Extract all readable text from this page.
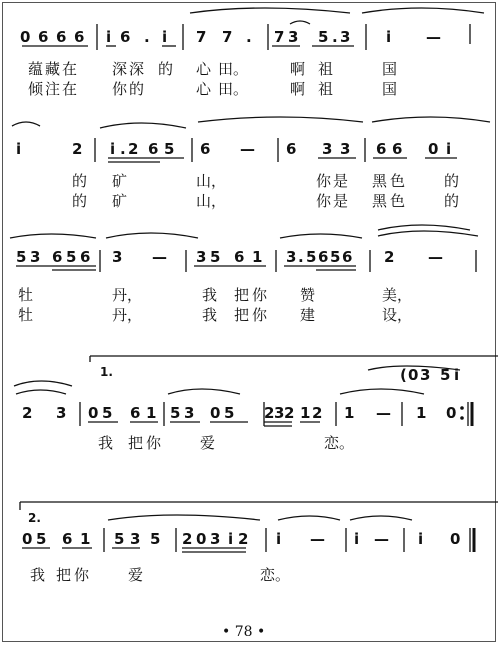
0 6 6 6 i 6 . i 7 7 . 7 3 5 . 3 i —
蕴 藏 在 深 深 的 心 田。	啊 祖	国
倾 注 在 你 的	心 田。	啊 祖	国
i	2 i . 2 6 5 6 — 6 3 3 6 6 0 i
的 矿	山，	你 是 黑 色	的
的 矿	山，	你 是 黑 色	的
5 3 6 5 6 3 — 3 5 6 1 3 . 5 6 5 6 2 —
牡	丹，	我 把 你 赞	美，
牡	丹，	我 把 你 建	设，
1.	( 0 3 5 i
2 3 0 5 6 1 5 3 0 5 2 3 2 1 2 1 — 1 0
我 把 你	爱	恋。
2.
0 5 6 1 5 3 5 2 0 3 i 2 i — i — i 0
我 把 你	爱	恋。
• 78 •
